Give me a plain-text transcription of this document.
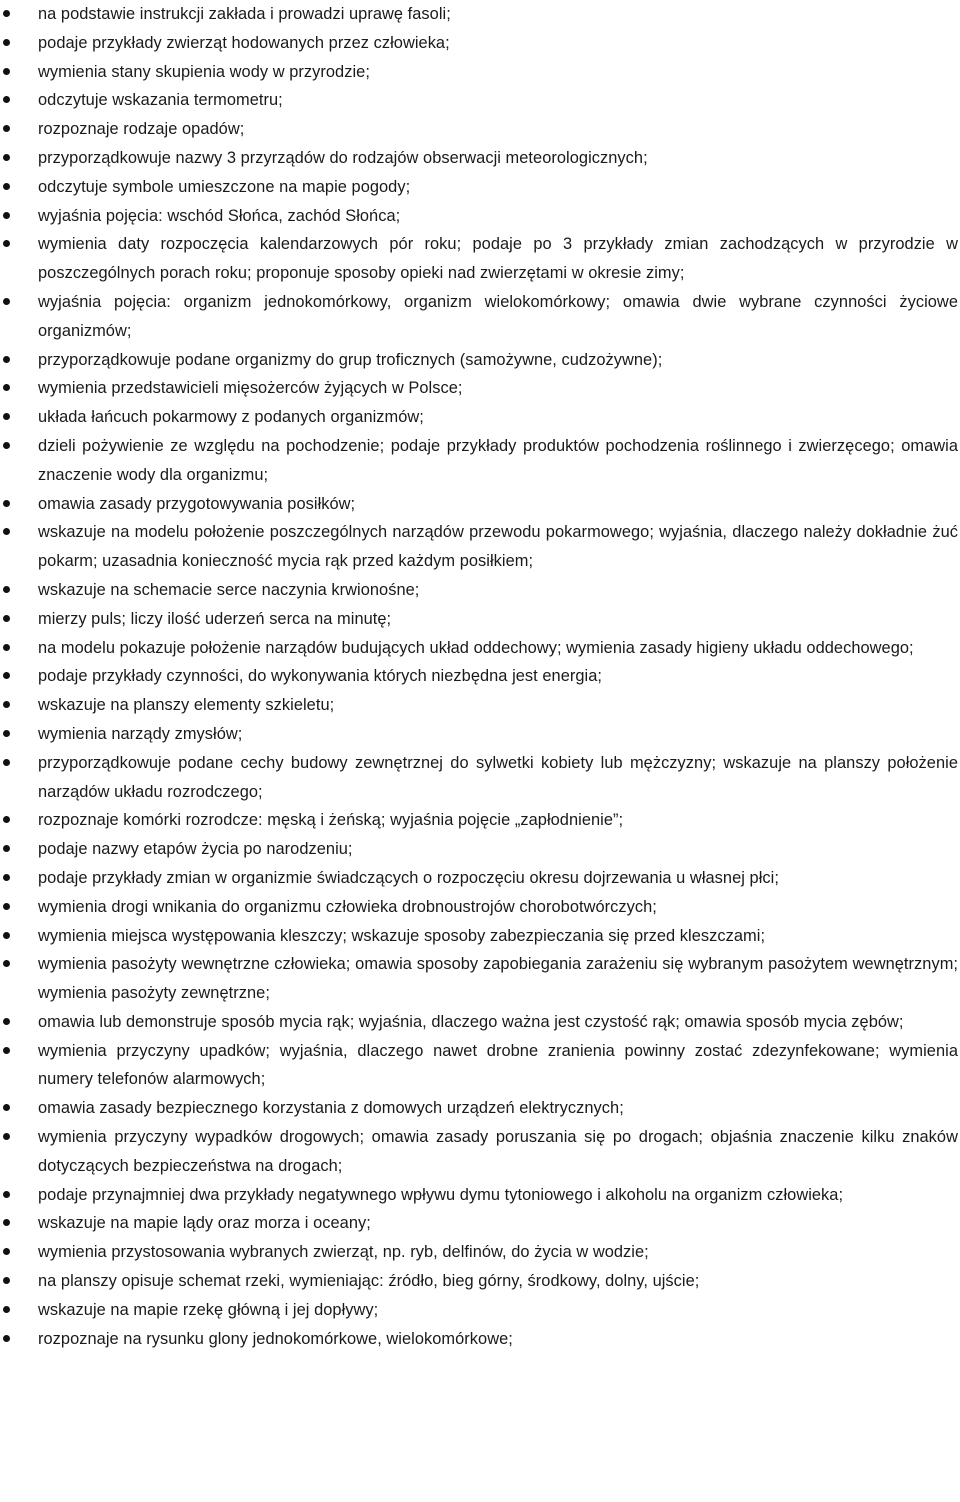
na podstawie instrukcji zakłada i prowadzi uprawę fasoli;
podaje przykłady zwierząt hodowanych przez człowieka;
wymienia stany skupienia wody w przyrodzie;
odczytuje wskazania termometru;
rozpoznaje rodzaje opadów;
przyporządkowuje nazwy 3 przyrządów do rodzajów obserwacji meteorologicznych;
odczytuje symbole umieszczone na mapie pogody;
wyjaśnia pojęcia: wschód Słońca, zachód Słońca;
wymienia daty rozpoczęcia kalendarzowych pór roku; podaje po 3 przykłady zmian zachodzących w przyrodzie w poszczególnych porach roku; proponuje sposoby opieki nad zwierzętami w okresie zimy;
wyjaśnia pojęcia: organizm jednokomórkowy, organizm wielokomórkowy; omawia dwie wybrane czynności życiowe organizmów;
przyporządkowuje podane organizmy do grup troficznych (samożywne, cudzożywne);
wymienia przedstawicieli mięsożerców żyjących w Polsce;
układa łańcuch pokarmowy z podanych organizmów;
dzieli pożywienie ze względu na pochodzenie; podaje przykłady produktów pochodzenia roślinnego i zwierzęcego; omawia znaczenie wody dla organizmu;
omawia zasady przygotowywania posiłków;
wskazuje na modelu położenie poszczególnych narządów przewodu pokarmowego; wyjaśnia, dlaczego należy dokładnie żuć pokarm; uzasadnia konieczność mycia rąk przed każdym posiłkiem;
wskazuje na schemacie serce naczynia krwionośne;
mierzy puls; liczy ilość uderzeń serca na minutę;
na modelu pokazuje położenie narządów budujących układ oddechowy; wymienia zasady higieny układu oddechowego;
podaje przykłady czynności, do wykonywania których niezbędna jest energia;
wskazuje na planszy elementy szkieletu;
wymienia narządy zmysłów;
przyporządkowuje podane cechy budowy zewnętrznej do sylwetki kobiety lub mężczyzny; wskazuje na planszy położenie narządów układu rozrodczego;
rozpoznaje komórki rozrodcze: męską i żeńską; wyjaśnia pojęcie „zapłodnienie”;
podaje nazwy etapów życia po narodzeniu;
podaje przykłady zmian w organizmie świadczących o rozpoczęciu okresu dojrzewania u własnej płci;
wymienia drogi wnikania do organizmu człowieka drobnoustrojów chorobotwórczych;
wymienia miejsca występowania kleszczy; wskazuje sposoby zabezpieczania się przed kleszczami;
wymienia pasożyty wewnętrzne człowieka; omawia sposoby zapobiegania zarażeniu się wybranym pasożytem wewnętrznym; wymienia pasożyty zewnętrzne;
omawia lub demonstruje sposób mycia rąk; wyjaśnia, dlaczego ważna jest czystość rąk; omawia sposób mycia zębów;
wymienia przyczyny upadków; wyjaśnia, dlaczego nawet drobne zranienia powinny zostać zdezynfekowane; wymienia numery telefonów alarmowych;
omawia zasady bezpiecznego korzystania z domowych urządzeń elektrycznych;
wymienia przyczyny wypadków drogowych; omawia zasady poruszania się po drogach; objaśnia znaczenie kilku znaków dotyczących bezpieczeństwa na drogach;
podaje przynajmniej dwa przykłady negatywnego wpływu dymu tytoniowego i alkoholu na organizm człowieka;
wskazuje na mapie lądy oraz morza i oceany;
wymienia przystosowania wybranych zwierząt, np. ryb, delfinów, do życia w wodzie;
na planszy opisuje schemat rzeki, wymieniając: źródło, bieg górny, środkowy, dolny, ujście;
wskazuje na mapie rzekę główną i jej dopływy;
rozpoznaje na rysunku glony jednokomórkowe, wielokomórkowe;
